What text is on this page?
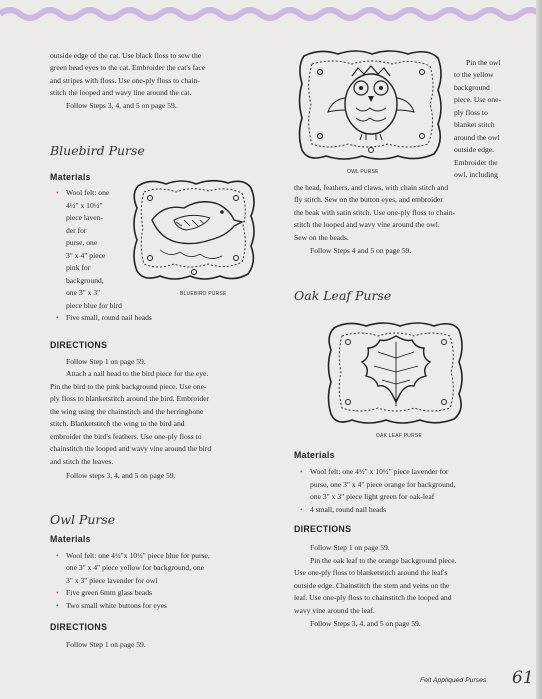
outside edge of the cat. Use black floss to sew the

green bead eyes to the cat. Embroider the cat's face

and stripes with floss. Use one-ply floss to chain-

stitch the looped and wavy line around the cat.

Follow Steps 3, 4, and 5 on page 59.

Bluebird Purse
Materials
• Wool felt: one

4½" x 10½"

piece laven-

der for

purse, one

3" x 4" piece

pink for

background,

one 3" x 3"

piece blue for bird

• Five small, round nail heads

BLUEBIRD PURSE
DIRECTIONS

Follow Step 1 on page 59.

Attach a nail head to the bird piece for the eye.

Pin the bird to the pink background piece. Use one-

ply floss to blanketstitch around the bird. Embroider

the wing using the chainstitch and the herringbone

stitch. Blanketstitch the wing to the bird and

embroider the bird's feathers. Use one-ply floss to

chainstitch the looped and wavy vine around the bird

and stitch the leaves.

Follow steps 3, 4, and 5 on page 59.

Owl Purse
Materials
• Wool felt: one 4½"x 10½" piece blue for purse,

one 3" x 4" piece yellow for background, one

3" x 3" piece lavender for owl

• Five green 6mm glass beads

• Two small white buttons for eyes

DIRECTIONS

Follow Step 1 on page 59.

OWL PURSE

Pin the owl

to the yellow

background

piece. Use one-

ply floss to

blanket stitch

around the owl

outside edge.

Embroider the

owl, including

the head, feathers, and claws, with chain stitch and

fly stitch. Sew on the button eyes, and embroider

the beak with satin stitch. Use one-ply floss to chain-

stitch the looped and wavy vine around the owl.

Sew on the beads.

Follow Steps 4 and 5 on page 59.

Oak Leaf Purse
OAK LEAF PURSE
Materials
• Wool felt: one 4½" x 10½" piece lavender for

purse, one 3" x 4" piece orange for background,

one 3" x 3" piece light green for oak-leaf

• 4 small, round nail heads

DIRECTIONS

Follow Step 1 on page 59.

Pin the oak leaf to the orange background piece.

Use one-ply floss to blanketstitch around the leaf's

outside edge. Chainstitch the stem and veins on the

leaf. Use one-ply floss to chainstitch the looped and

wavy vine around the leaf.

Follow Steps 3, 4, and 5 on page 59.

Felt Appliquéd Purses 61
